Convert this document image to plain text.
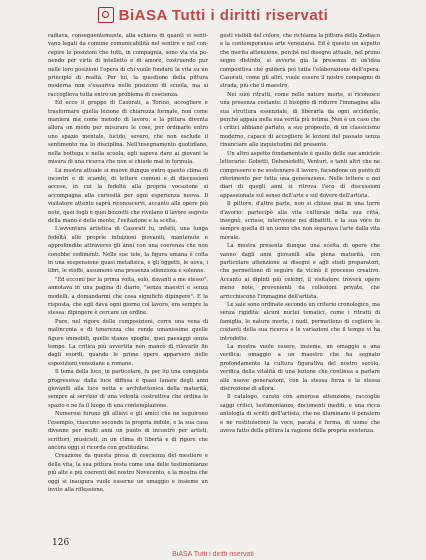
BiASA Tutti i diritti riservati

radiava, conseguentemente, alla schiera di quanti vi senti- vano legati da comune comunicabilità nel sentire e nel con- cepire le posizioni che tutti, in compagnia, sono via via po- nendo per virtù di intelletto e di amore, costruendo pur nelle loro posizioni l'opera di chi vuole fondare la vita su un principio di realtà. Per lui, la questione della pittura moderna non s'esauriva nelle posizioni di scuola, ma si raccoglieva tutta entro un problema di coscienza.

Ed ecco il gruppo di Casorati, a Torino, accogliere e trasformare quella lezione di chiarezza formale, non come maniera ma come metodo di lavoro; e la pittura diventa allora un modo per misurare le cose, per ordinarle entro uno spazio mentale, lucido, severo, che non esclude il sentimento ma lo disciplina. Nell'insegnamento quotidiano, nella bottega e nella scuola, egli sapeva dare ai giovani la misura di una ricerca che non si chiude mai in formula.

La mostra attuale si muove dunque entro questo clima di incontri e di scambi, di letture comuni e di discussioni accese, in cui la fedeltà alla propria vocazione si accompagna alla curiosità per ogni esperienza nuova. Il visitatore attento saprà riconoscervi, accanto alle opere più note, quei fogli e quei bozzetti che rivelano il lavoro segreto della mano e della mente, l'esitazione e la scelta.

L'avventura artistica di Casorati fu, infatti, una lunga fedeltà alle proprie intuizioni giovanili, mantenute e approfondite attraverso gli anni con una coerenza che non conobbe cedimenti. Nelle sue tele, la figura umana è colta in una sospensione quasi metafisica, e gli oggetti, le uova, i libri, le stoffe, assumono una presenza silenziosa e solenne.

"Ed eccomi per la prima volta, solo, davanti a me stesso", annotava in una pagina di diario, "senza maestri e senza modelli, a domandarmi che cosa significhi dipingere". E la risposta, che egli dava ogni giorno col lavoro, era sempre la stessa: dipingere è cercare un ordine.

Pure, nel rigore delle composizioni, corre una vena di malinconia e di tenerezza che rende umanissime quelle figure immobili, quelle stanze spoglie, quei paesaggi senza tempo. La critica più avvertita non mancò di rilevarlo fin dagli esordi, quando le prime opere apparvero nelle esposizioni veneziane e romane.

Il tema della luce, in particolare, fu per lui una conquista progressiva: dalla luce diffusa e quasi lunare degli anni giovanili alla luce netta e architettonica della maturità, sempre al servizio di una volontà costruttiva che ordina lo spazio e ne fa il luogo di una contemplazione.

Numerosi furono gli allievi e gli amici che ne seguirono l'esempio, ciascuno secondo la propria indole, e la sua casa divenne per molti anni un punto di incontro per artisti, scrittori, musicisti, in un clima di libertà e di rigore che ancora oggi si ricorda con gratitudine.

Creazione da questa presa di coscienza del mestiere e della vita, la sua pittura resta come una delle testimonianze più alte e più coerenti del nostro Novecento, e la mostra che oggi si inaugura vuole esserne un omaggio e insieme un invito alla riflessione.

gesti visibili del colore, che richiama la pittura dello Zodiaco e la contemporanea arte veneziana. Ed è questo un aspetto che merita attenzione, perché nel disegno attuale, nel primo segno distinto, si avverte già la presenza di un'idea compositiva che guiderà poi tutta l'elaborazione dell'opera. Casorati, come gli altri, vuole essere il nostro compagno di strada, più che il maestro.

Nei suoi ritratti, come nelle nature morte, si riconosce una presenza costante: il bisogno di ridurre l'immagine alla sua struttura essenziale, di liberarla da ogni accidente, perché appaia nella sua verità più intima. Non è un caso che i critici abbiano parlato, a suo proposito, di un classicismo moderno, capace di accogliere le lezioni del passato senza rinunciare alle inquietudini del presente.

Un altro aspetto fondamentale è quello delle sue amicizie letterarie: Gobetti, Debenedetti, Venturi, e tanti altri che ne compresero e ne sostennero il lavoro, facendone un punto di riferimento per tutta una generazione. Nelle lettere e nei diari di quegli anni si ritrova l'eco di discussioni appassionate sul senso dell'arte e sul dovere dell'artista.

Il pittore, d'altra parte, non si chiuse mai in una torre d'avorio: partecipò alla vita culturale della sua città, insegnò, scrisse, intervenne nei dibattiti, e la sua voce fu sempre quella di un uomo che non separava l'arte dalla vita morale.

La mostra presenta dunque una scelta di opere che vanno dagli anni giovanili alla piena maturità, con particolare attenzione ai disegni e agli studi preparatori, che permettono di seguire da vicino il processo creativo. Accanto ai dipinti più celebri, il visitatore troverà opere meno note, provenienti da collezioni private, che arricchiscono l'immagine dell'artista.

Le sale sono ordinate secondo un criterio cronologico, ma senza rigidità: alcuni nuclei tematici, come i ritratti di famiglia, le nature morte, i nudi, permettono di cogliere le costanti della sua ricerca e le variazioni che il tempo vi ha introdotto.

La mostra vuole essere, insieme, un omaggio e una verifica: omaggio a un maestro che ha segnato profondamente la cultura figurativa del nostro secolo, verifica della vitalità di una lezione che continua a parlare alle nuove generazioni, con la stessa forza e la stessa discrezione di allora.

Il catalogo, curato con amorosa attenzione, raccoglie saggi critici, testimonianze, documenti inediti, e una ricca antologia di scritti dell'artista, che ne illuminano il pensiero e ne restituiscono la voce, pacata e ferma, di uomo che aveva fatto della pittura la ragione della propria esistenza.

126
BiASA Tutti i diritti riservati
